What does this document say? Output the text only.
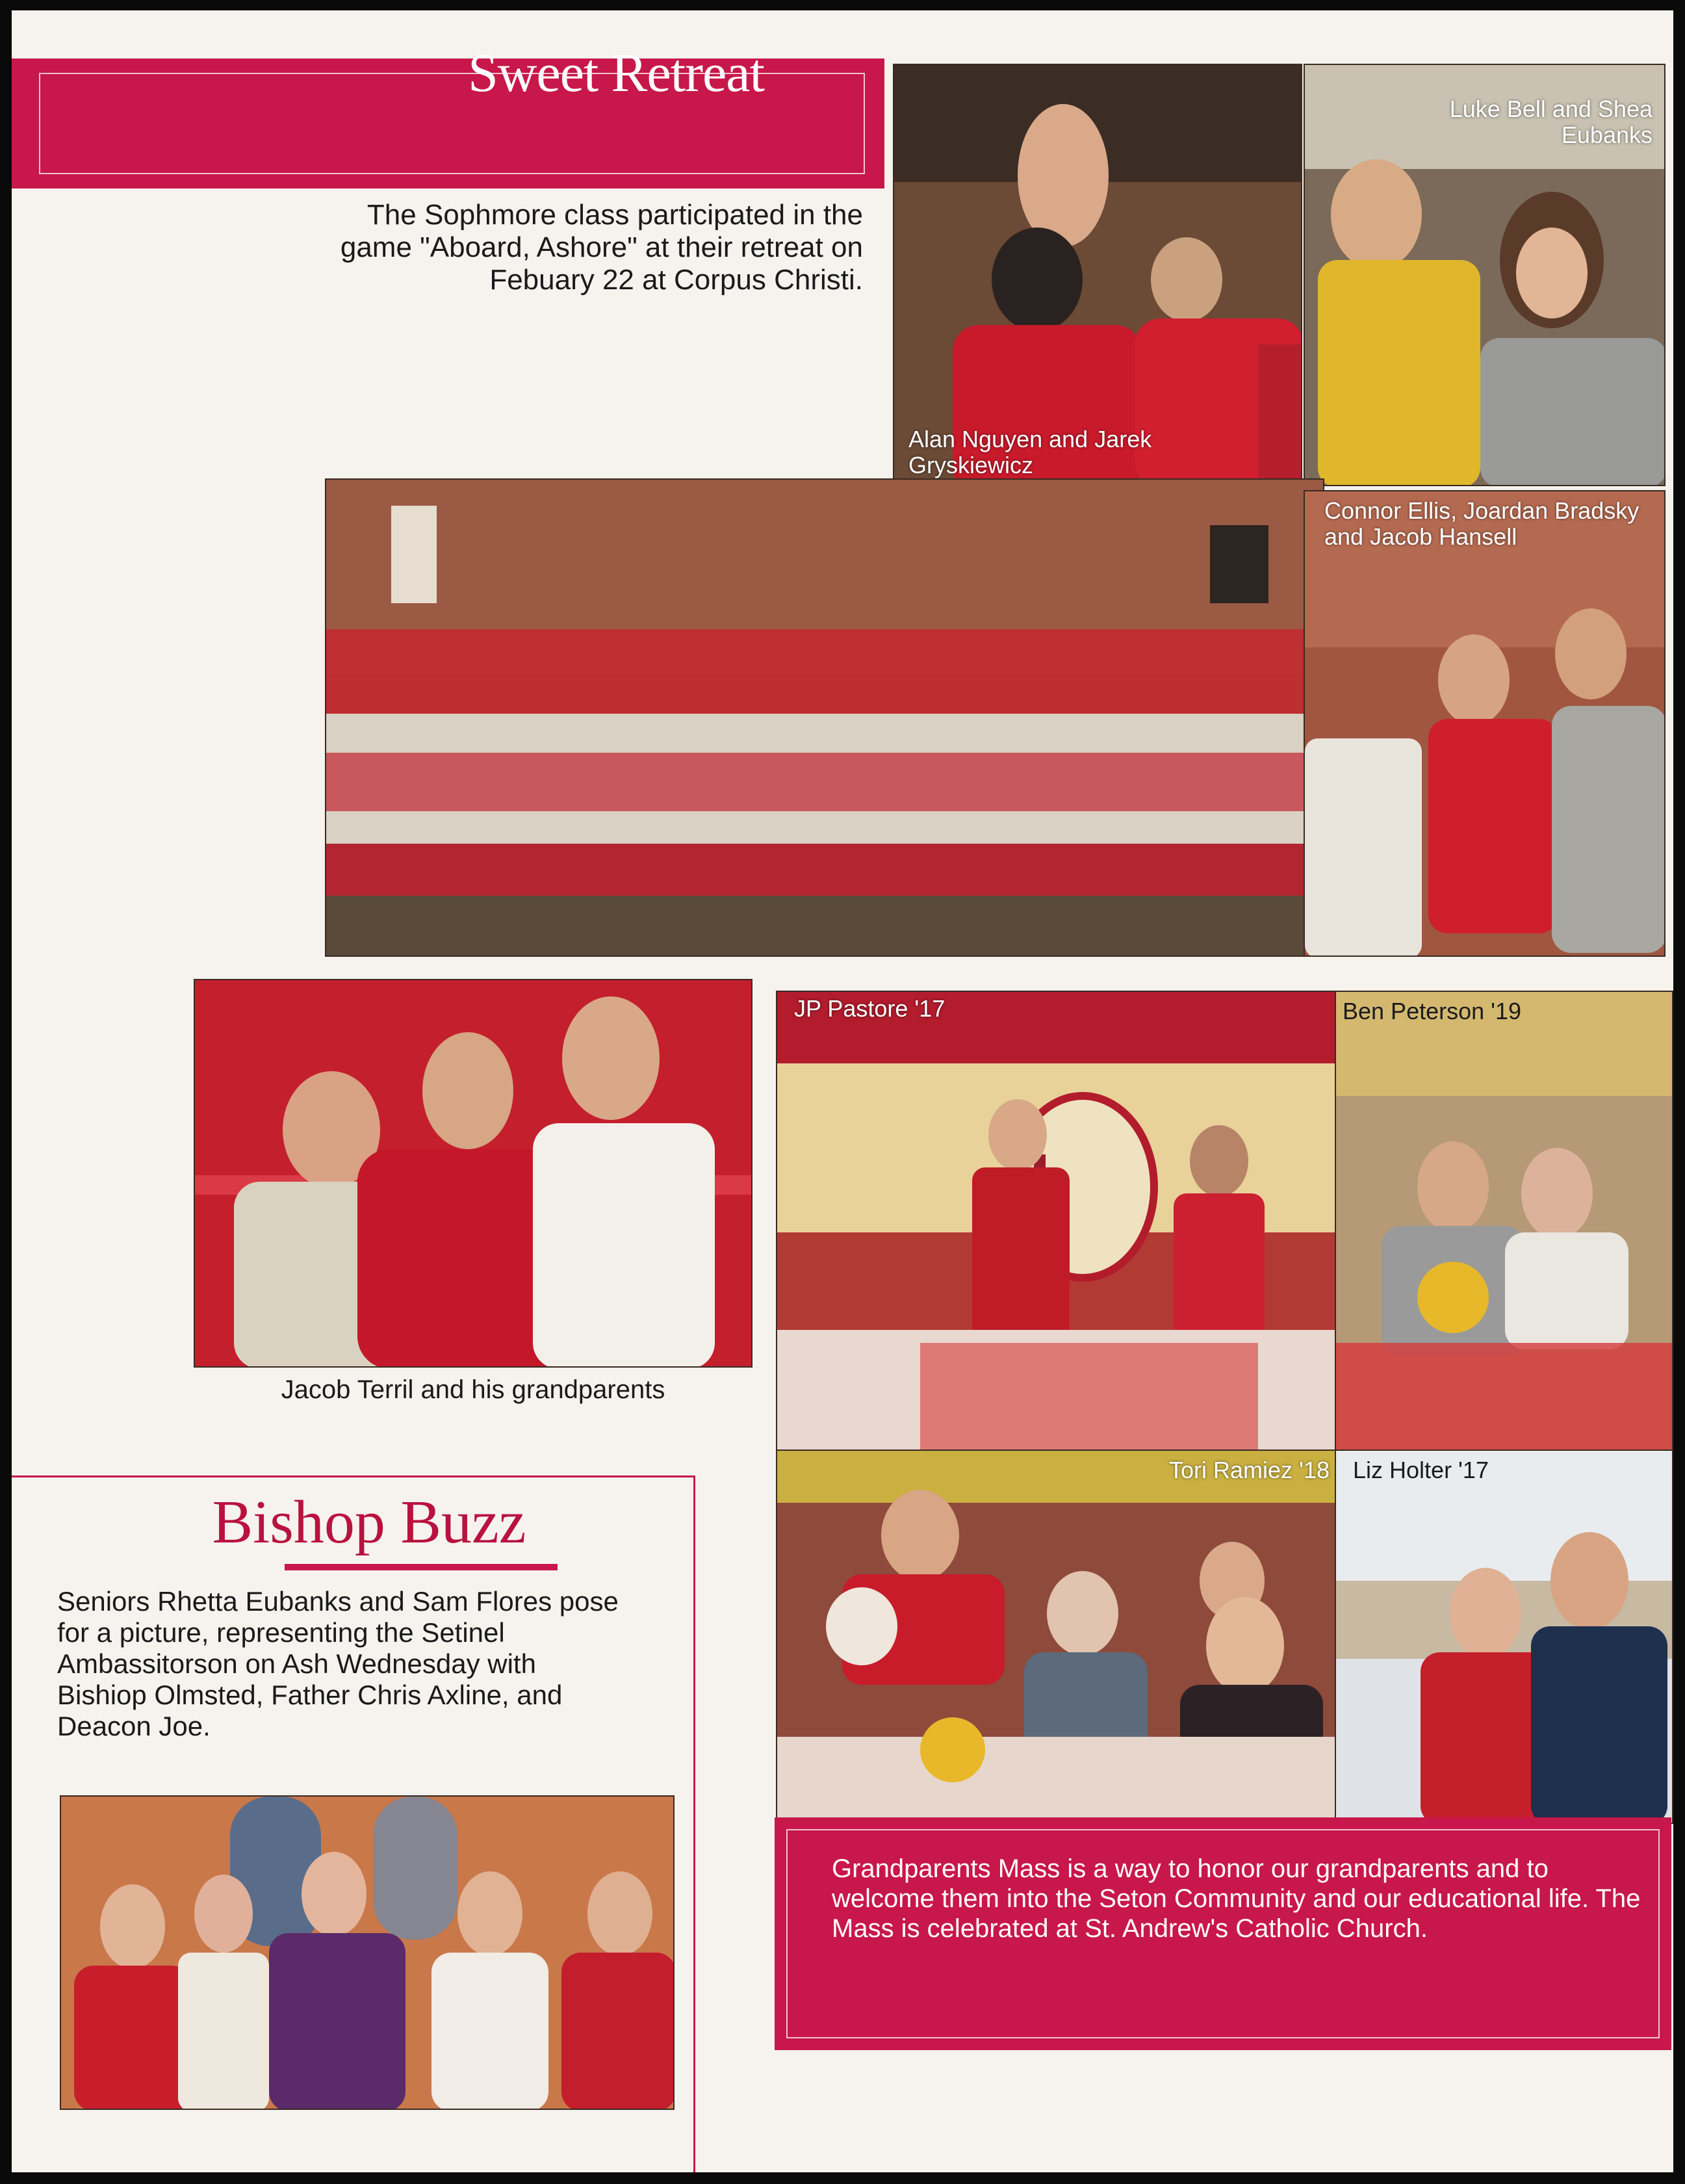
Sweet Retreat
The Sophmore class participated in the game "Aboard, Ashore" at their retreat on Febuary 22 at Corpus Christi.
Alan Nguyen and Jarek Gryskiewicz
Luke Bell and Shea Eubanks
Connor Ellis, Joardan Bradsky and Jacob Hansell
Jacob Terril and his grandparents
JP Pastore '17	Ben Peterson '19
Tori Ramiez '18 Liz Holter '17
Bishop Buzz
Seniors Rhetta Eubanks and Sam Flores pose for a picture, representing the Setinel Ambassitorson on Ash Wednesday with Bishiop Olmsted, Father Chris Axline, and Deacon Joe.
Grandparents Mass is a way to honor our grandparents and to welcome them into the Seton Community and our educational life. The Mass is celebrated at St. Andrew's Catholic Church.
